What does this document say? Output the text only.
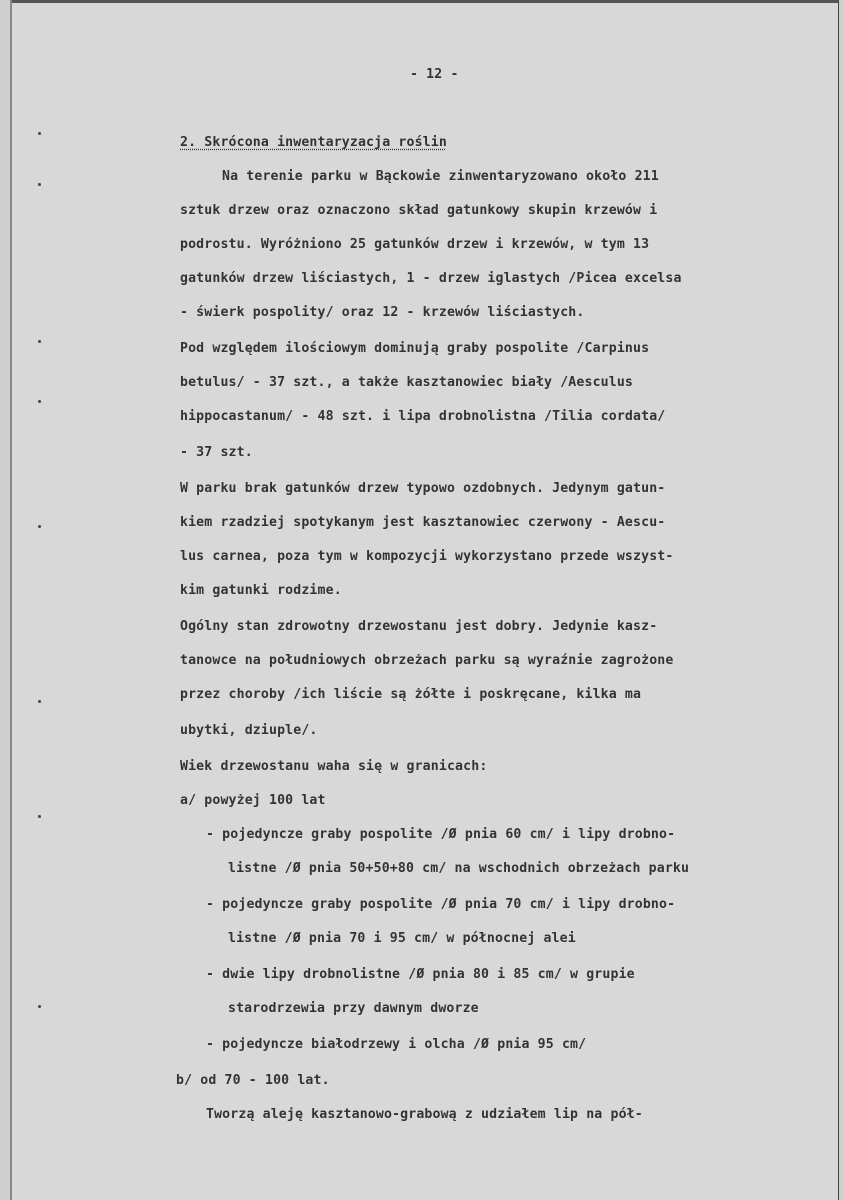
- 12 -

2. Skrócona inwentaryzacja roślin

Na terenie parku w Bąckowie zinwentaryzowano około 211

sztuk drzew oraz oznaczono skład gatunkowy skupin krzewów i

podrostu. Wyróżniono 25 gatunków drzew i krzewów, w tym 13

gatunków drzew liściastych, 1 - drzew iglastych /Picea excelsa

- świerk pospolity/ oraz 12 - krzewów liściastych.

Pod względem ilościowym dominują graby pospolite /Carpinus

betulus/ - 37 szt., a także kasztanowiec biały /Aesculus

hippocastanum/ - 48 szt. i lipa drobnolistna /Tilia cordata/

- 37 szt.

W parku brak gatunków drzew typowo ozdobnych. Jedynym gatun-

kiem rzadziej spotykanym jest kasztanowiec czerwony - Aescu-

lus carnea, poza tym w kompozycji wykorzystano przede wszyst-

kim gatunki rodzime.

Ogólny stan zdrowotny drzewostanu jest dobry. Jedynie kasz-

tanowce na południowych obrzeżach parku są wyraźnie zagrożone

przez choroby /ich liście są żółte i poskręcane, kilka ma

ubytki, dziuple/.

Wiek drzewostanu waha się w granicach:

a/ powyżej 100 lat

- pojedyncze graby pospolite /Ø pnia 60 cm/ i lipy drobno-

listne /Ø pnia 50+50+80 cm/ na wschodnich obrzeżach parku

- pojedyncze graby pospolite /Ø pnia 70 cm/ i lipy drobno-

listne /Ø pnia 70 i 95 cm/ w północnej alei

- dwie lipy drobnolistne /Ø pnia 80 i 85 cm/ w grupie

starodrzewia przy dawnym dworze

- pojedyncze białodrzewy i olcha /Ø pnia 95 cm/

b/ od 70 - 100 lat.

Tworzą aleję kasztanowo-grabową z udziałem lip na pół-
